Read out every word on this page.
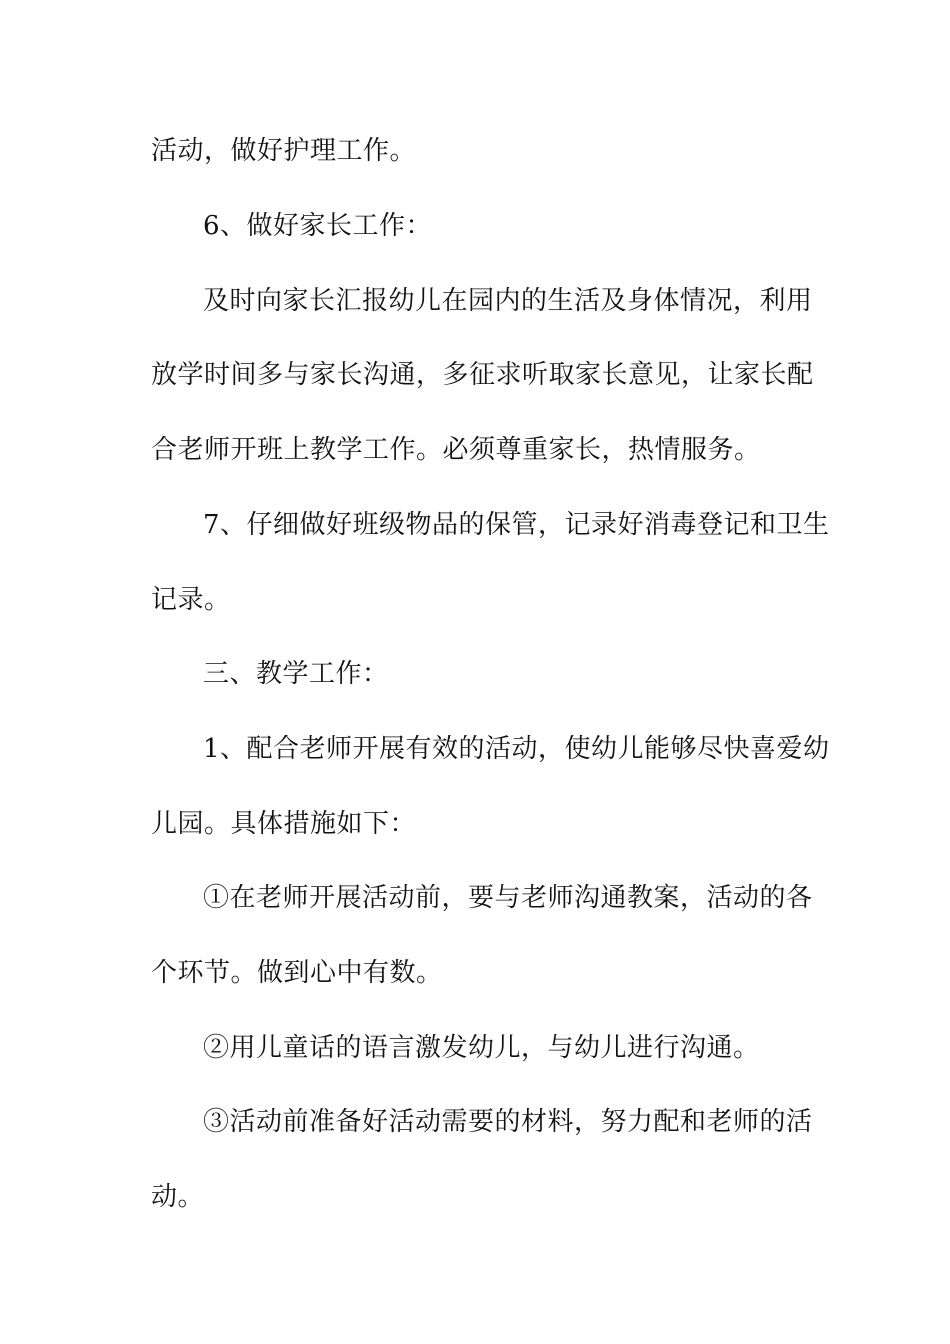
活动，做好护理工作。
6、做好家长工作：
及时向家长汇报幼儿在园内的生活及身体情况，利用
放学时间多与家长沟通，多征求听取家长意见，让家长配
合老师开班上教学工作。必须尊重家长，热情服务。
7、仔细做好班级物品的保管，记录好消毒登记和卫生
记录。
三、教学工作：
1、配合老师开展有效的活动，使幼儿能够尽快喜爱幼
儿园。具体措施如下：
①在老师开展活动前，要与老师沟通教案，活动的各
个环节。做到心中有数。
②用儿童话的语言激发幼儿，与幼儿进行沟通。
③活动前准备好活动需要的材料，努力配和老师的活
动。
